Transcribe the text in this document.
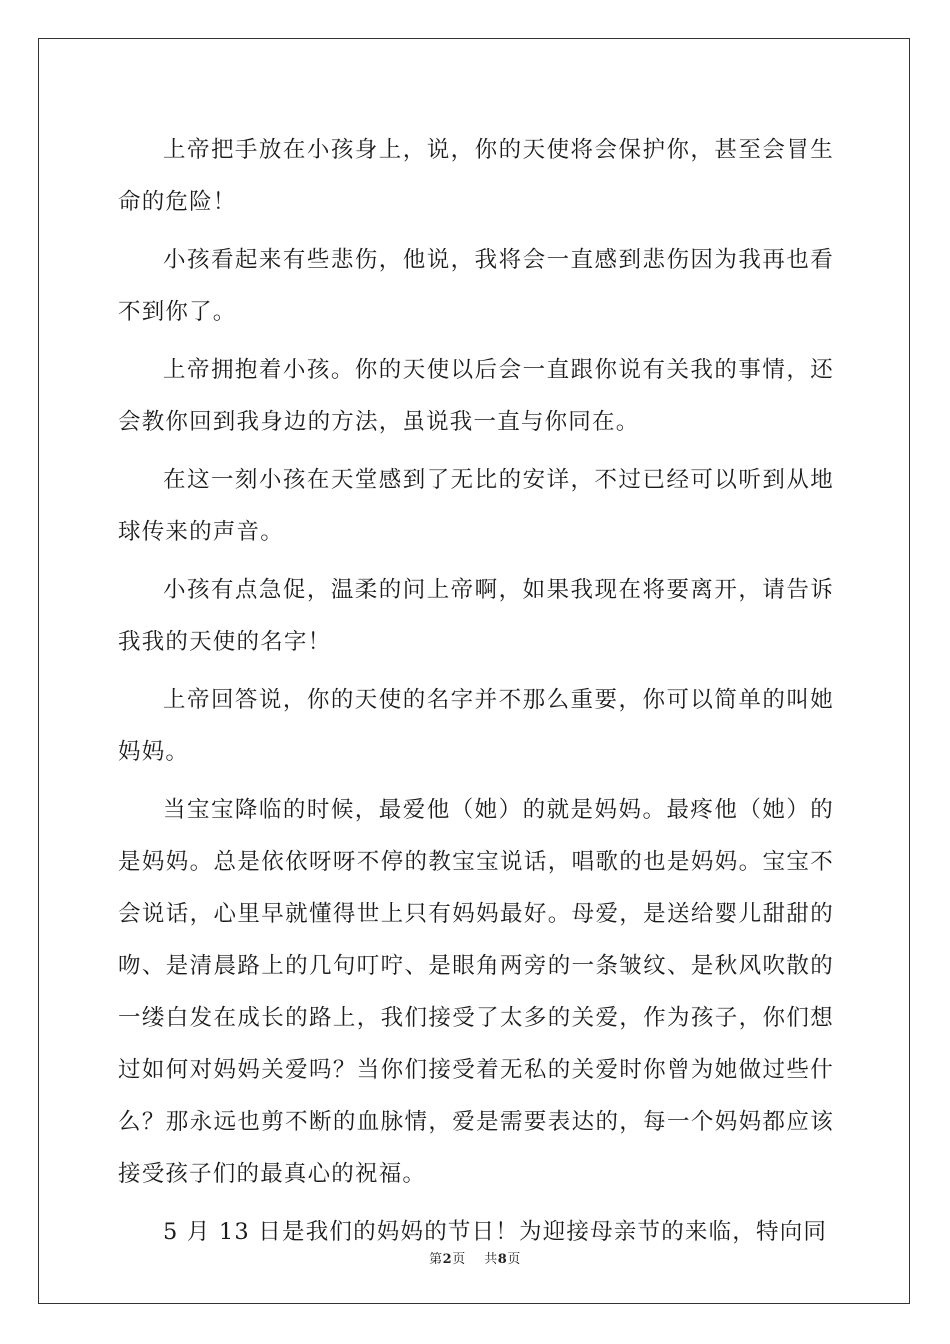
上帝把手放在小孩身上，说，你的天使将会保护你，甚至会冒生命的危险！

小孩看起来有些悲伤，他说，我将会一直感到悲伤因为我再也看不到你了。

上帝拥抱着小孩。你的天使以后会一直跟你说有关我的事情，还会教你回到我身边的方法，虽说我一直与你同在。

在这一刻小孩在天堂感到了无比的安详，不过已经可以听到从地球传来的声音。

小孩有点急促，温柔的问上帝啊，如果我现在将要离开，请告诉我我的天使的名字！

上帝回答说，你的天使的名字并不那么重要，你可以简单的叫她妈妈。

当宝宝降临的时候，最爱他（她）的就是妈妈。最疼他（她）的是妈妈。总是依依呀呀不停的教宝宝说话，唱歌的也是妈妈。宝宝不会说话，心里早就懂得世上只有妈妈最好。母爱，是送给婴儿甜甜的吻、是清晨路上的几句叮咛、是眼角两旁的一条皱纹、是秋风吹散的一缕白发在成长的路上，我们接受了太多的关爱，作为孩子，你们想过如何对妈妈关爱吗？当你们接受着无私的关爱时你曾为她做过些什么？那永远也剪不断的血脉情，爱是需要表达的，每一个妈妈都应该接受孩子们的最真心的祝福。

5 月 13 日是我们的妈妈的节日！为迎接母亲节的来临，特向同

第2页 共8页
